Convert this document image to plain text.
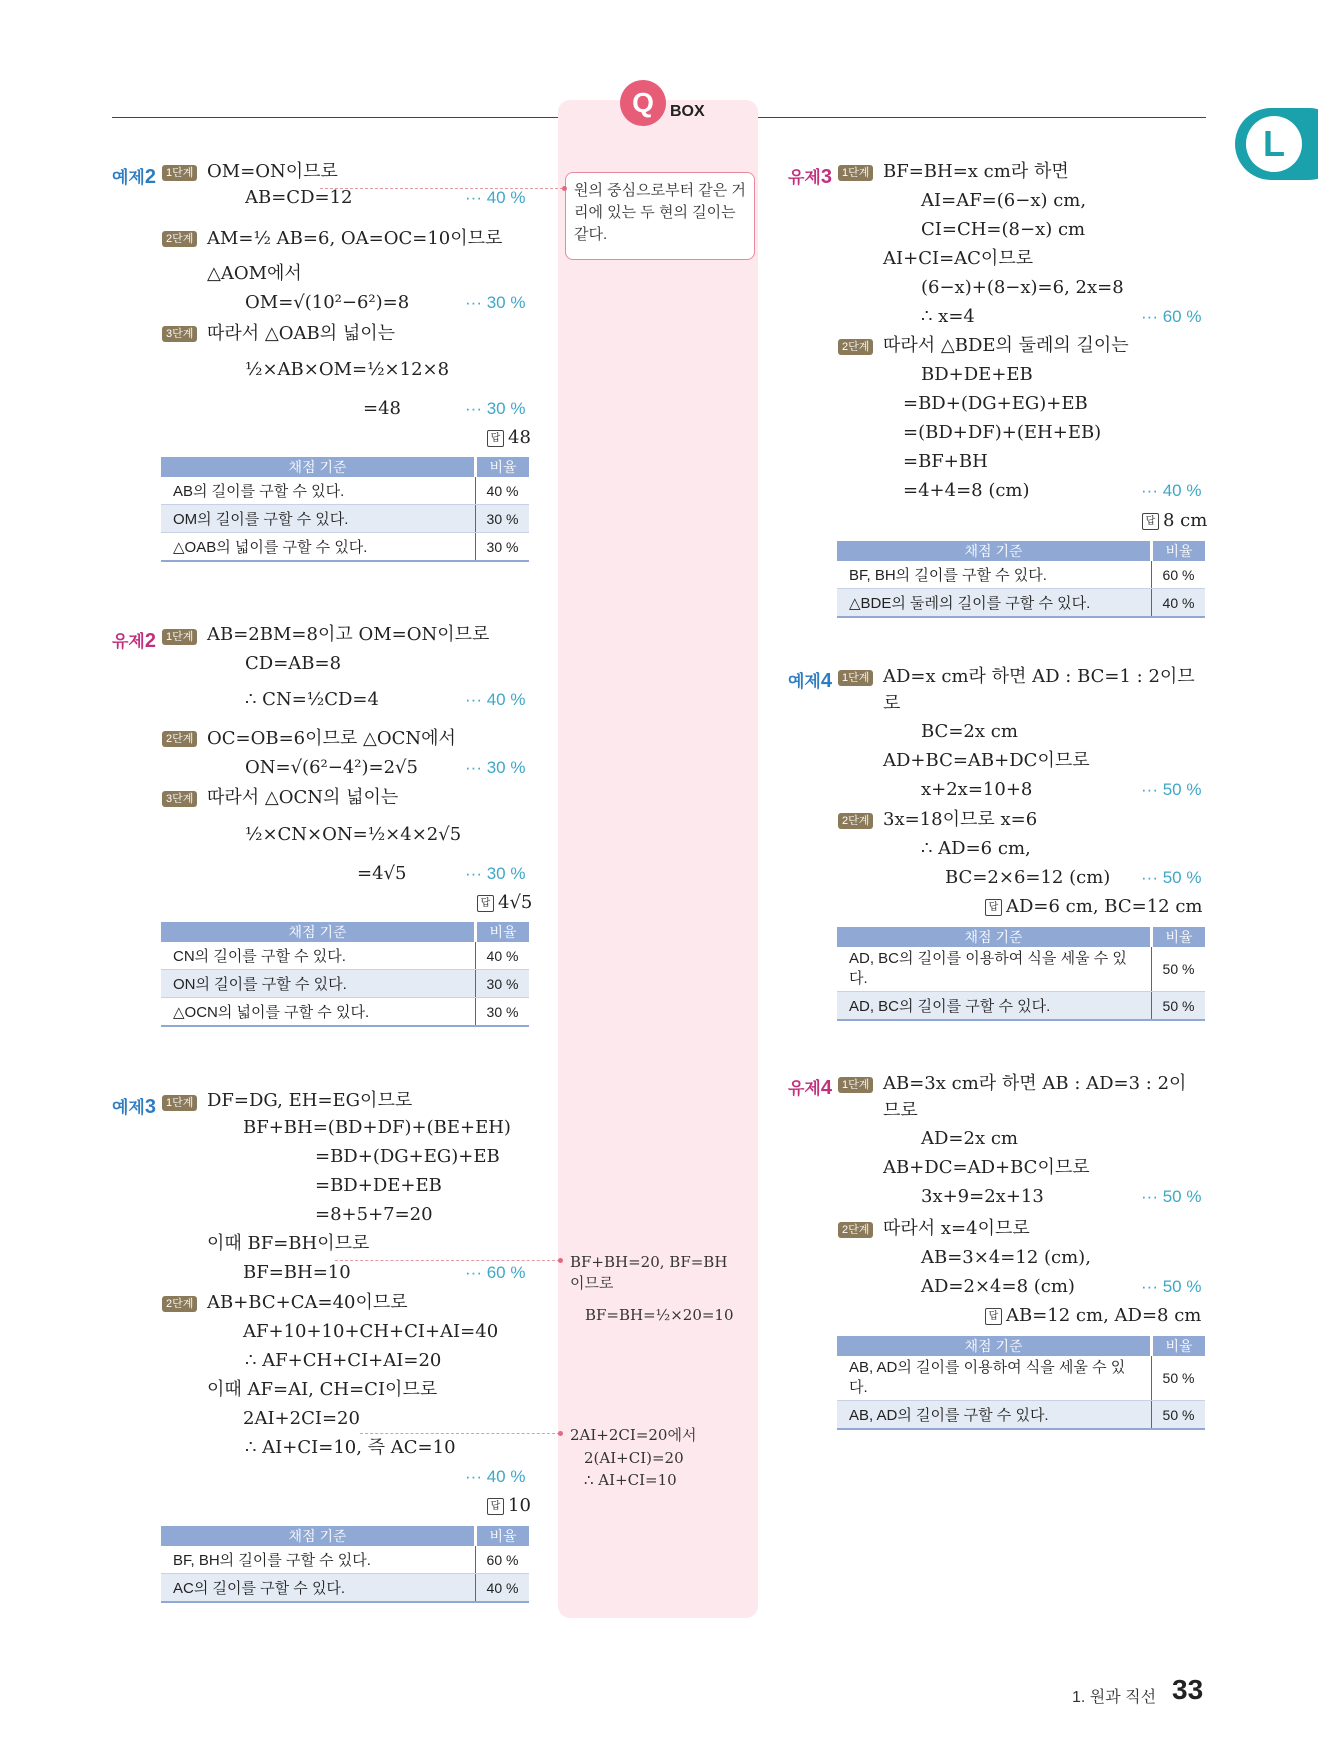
Q	BOX
L
예제2 1단계 OM=ON이므로
AB=CD=12	··· 40 %
2단계 AM=½ AB=6, OA=OC=10이므로
△AOM에서
OM=√(10²−6²)=8	··· 30 %
3단계 따라서 △OAB의 넓이는
½×AB×OM=½×12×8
=48	··· 30 %
답 48
채점 기준	비율
AB의 길이를 구할 수 있다.	40 %
OM의 길이를 구할 수 있다.	30 %
△OAB의 넓이를 구할 수 있다.	30 %
유제2 1단계 AB=2BM=8이고 OM=ON이므로
CD=AB=8
∴ CN=½CD=4	··· 40 %
2단계 OC=OB=6이므로 △OCN에서
ON=√(6²−4²)=2√5	··· 30 %
3단계 따라서 △OCN의 넓이는
½×CN×ON=½×4×2√5
=4√5	··· 30 %
답 4√5
채점 기준	비율
CN의 길이를 구할 수 있다.	40 %
ON의 길이를 구할 수 있다.	30 %
△OCN의 넓이를 구할 수 있다.	30 %
예제3 1단계 DF=DG, EH=EG이므로
BF+BH=(BD+DF)+(BE+EH)
=BD+(DG+EG)+EB
=BD+DE+EB
=8+5+7=20
이때 BF=BH이므로
BF=BH=10	··· 60 %
2단계 AB+BC+CA=40이므로
AF+10+10+CH+CI+AI=40
∴ AF+CH+CI+AI=20
이때 AF=AI, CH=CI이므로
2AI+2CI=20
∴ AI+CI=10, 즉 AC=10
··· 40 %
답 10
채점 기준	비율
BF, BH의 길이를 구할 수 있다.	60 %
AC의 길이를 구할 수 있다.	40 %
원의 중심으로부터 같은 거리에 있는 두 현의 길이는 같다.
BF+BH=20, BF=BH
이므로
BF=BH=½×20=10
2AI+2CI=20에서
2(AI+CI)=20
∴ AI+CI=10
유제3 1단계 BF=BH=x cm라 하면
AI=AF=(6−x) cm,
CI=CH=(8−x) cm
AI+CI=AC이므로
(6−x)+(8−x)=6, 2x=8
∴ x=4	··· 60 %
2단계 따라서 △BDE의 둘레의 길이는
BD+DE+EB
=BD+(DG+EG)+EB
=(BD+DF)+(EH+EB)
=BF+BH
=4+4=8 (cm)	··· 40 %
답 8 cm
채점 기준	비율
BF, BH의 길이를 구할 수 있다.	60 %
△BDE의 둘레의 길이를 구할 수 있다.	40 %
예제4 1단계 AD=x cm라 하면 AD : BC=1 : 2이므
로
BC=2x cm
AD+BC=AB+DC이므로
x+2x=10+8	··· 50 %
2단계 3x=18이므로 x=6
∴ AD=6 cm,
BC=2×6=12 (cm) ··· 50 %
답 AD=6 cm, BC=12 cm
채점 기준	비율
AD, BC의 길이를 이용하여 식을 세울 수 있다.	50 %
AD, BC의 길이를 구할 수 있다.	50 %
유제4 1단계 AB=3x cm라 하면 AB : AD=3 : 2이
므로
AD=2x cm
AB+DC=AD+BC이므로
3x+9=2x+13	··· 50 %
2단계 따라서 x=4이므로
AB=3×4=12 (cm),
AD=2×4=8 (cm)	··· 50 %
답 AB=12 cm, AD=8 cm
채점 기준	비율
AB, AD의 길이를 이용하여 식을 세울 수 있다.	50 %
AB, AD의 길이를 구할 수 있다.	50 %
1. 원과 직선 33
